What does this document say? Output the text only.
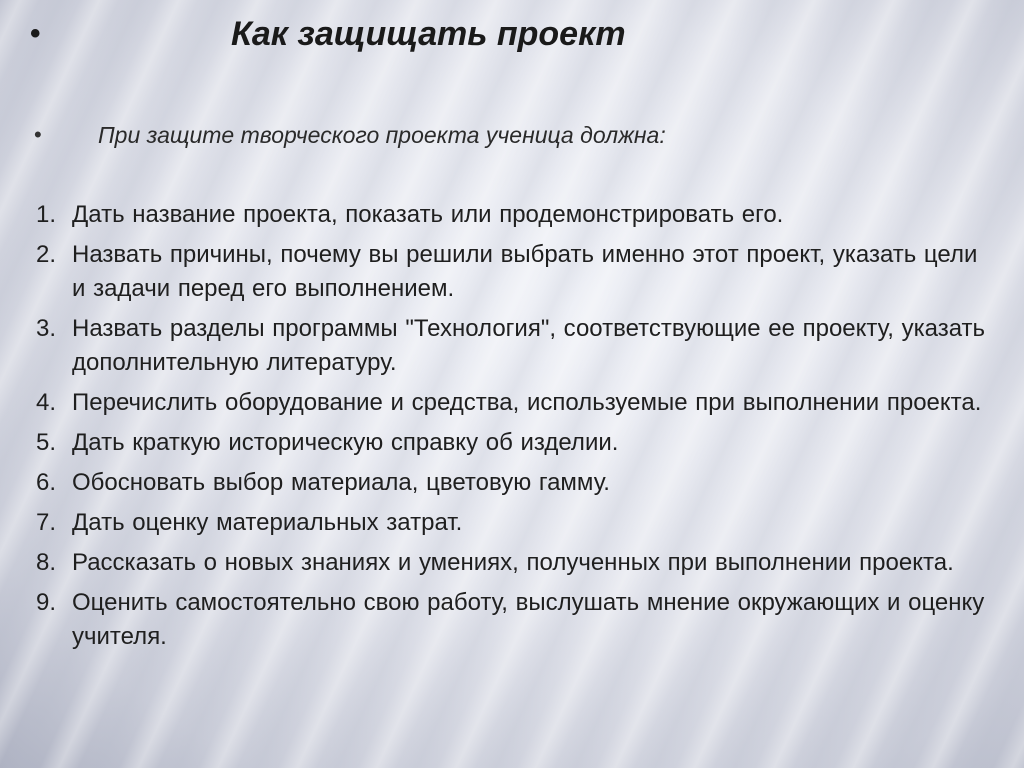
•	Как защищать проект
• При защите творческого проекта ученица должна:
1. Дать название проекта, показать или продемонстрировать его.
2. Назвать причины, почему вы решили выбрать именно этот проект, указать цели и задачи перед его выполнением.
3. Назвать разделы программы "Технология", соответствующие ее проекту, указать дополнительную литературу.
4. Перечислить оборудование и средства, используемые при выполнении проекта.
5. Дать краткую историческую справку об изделии.
6. Обосновать выбор материала, цветовую гамму.
7. Дать оценку материальных затрат.
8. Рассказать о новых знаниях и умениях, полученных при выполнении проекта.
9. Оценить самостоятельно свою работу, выслушать мнение окружающих и оценку учителя.
